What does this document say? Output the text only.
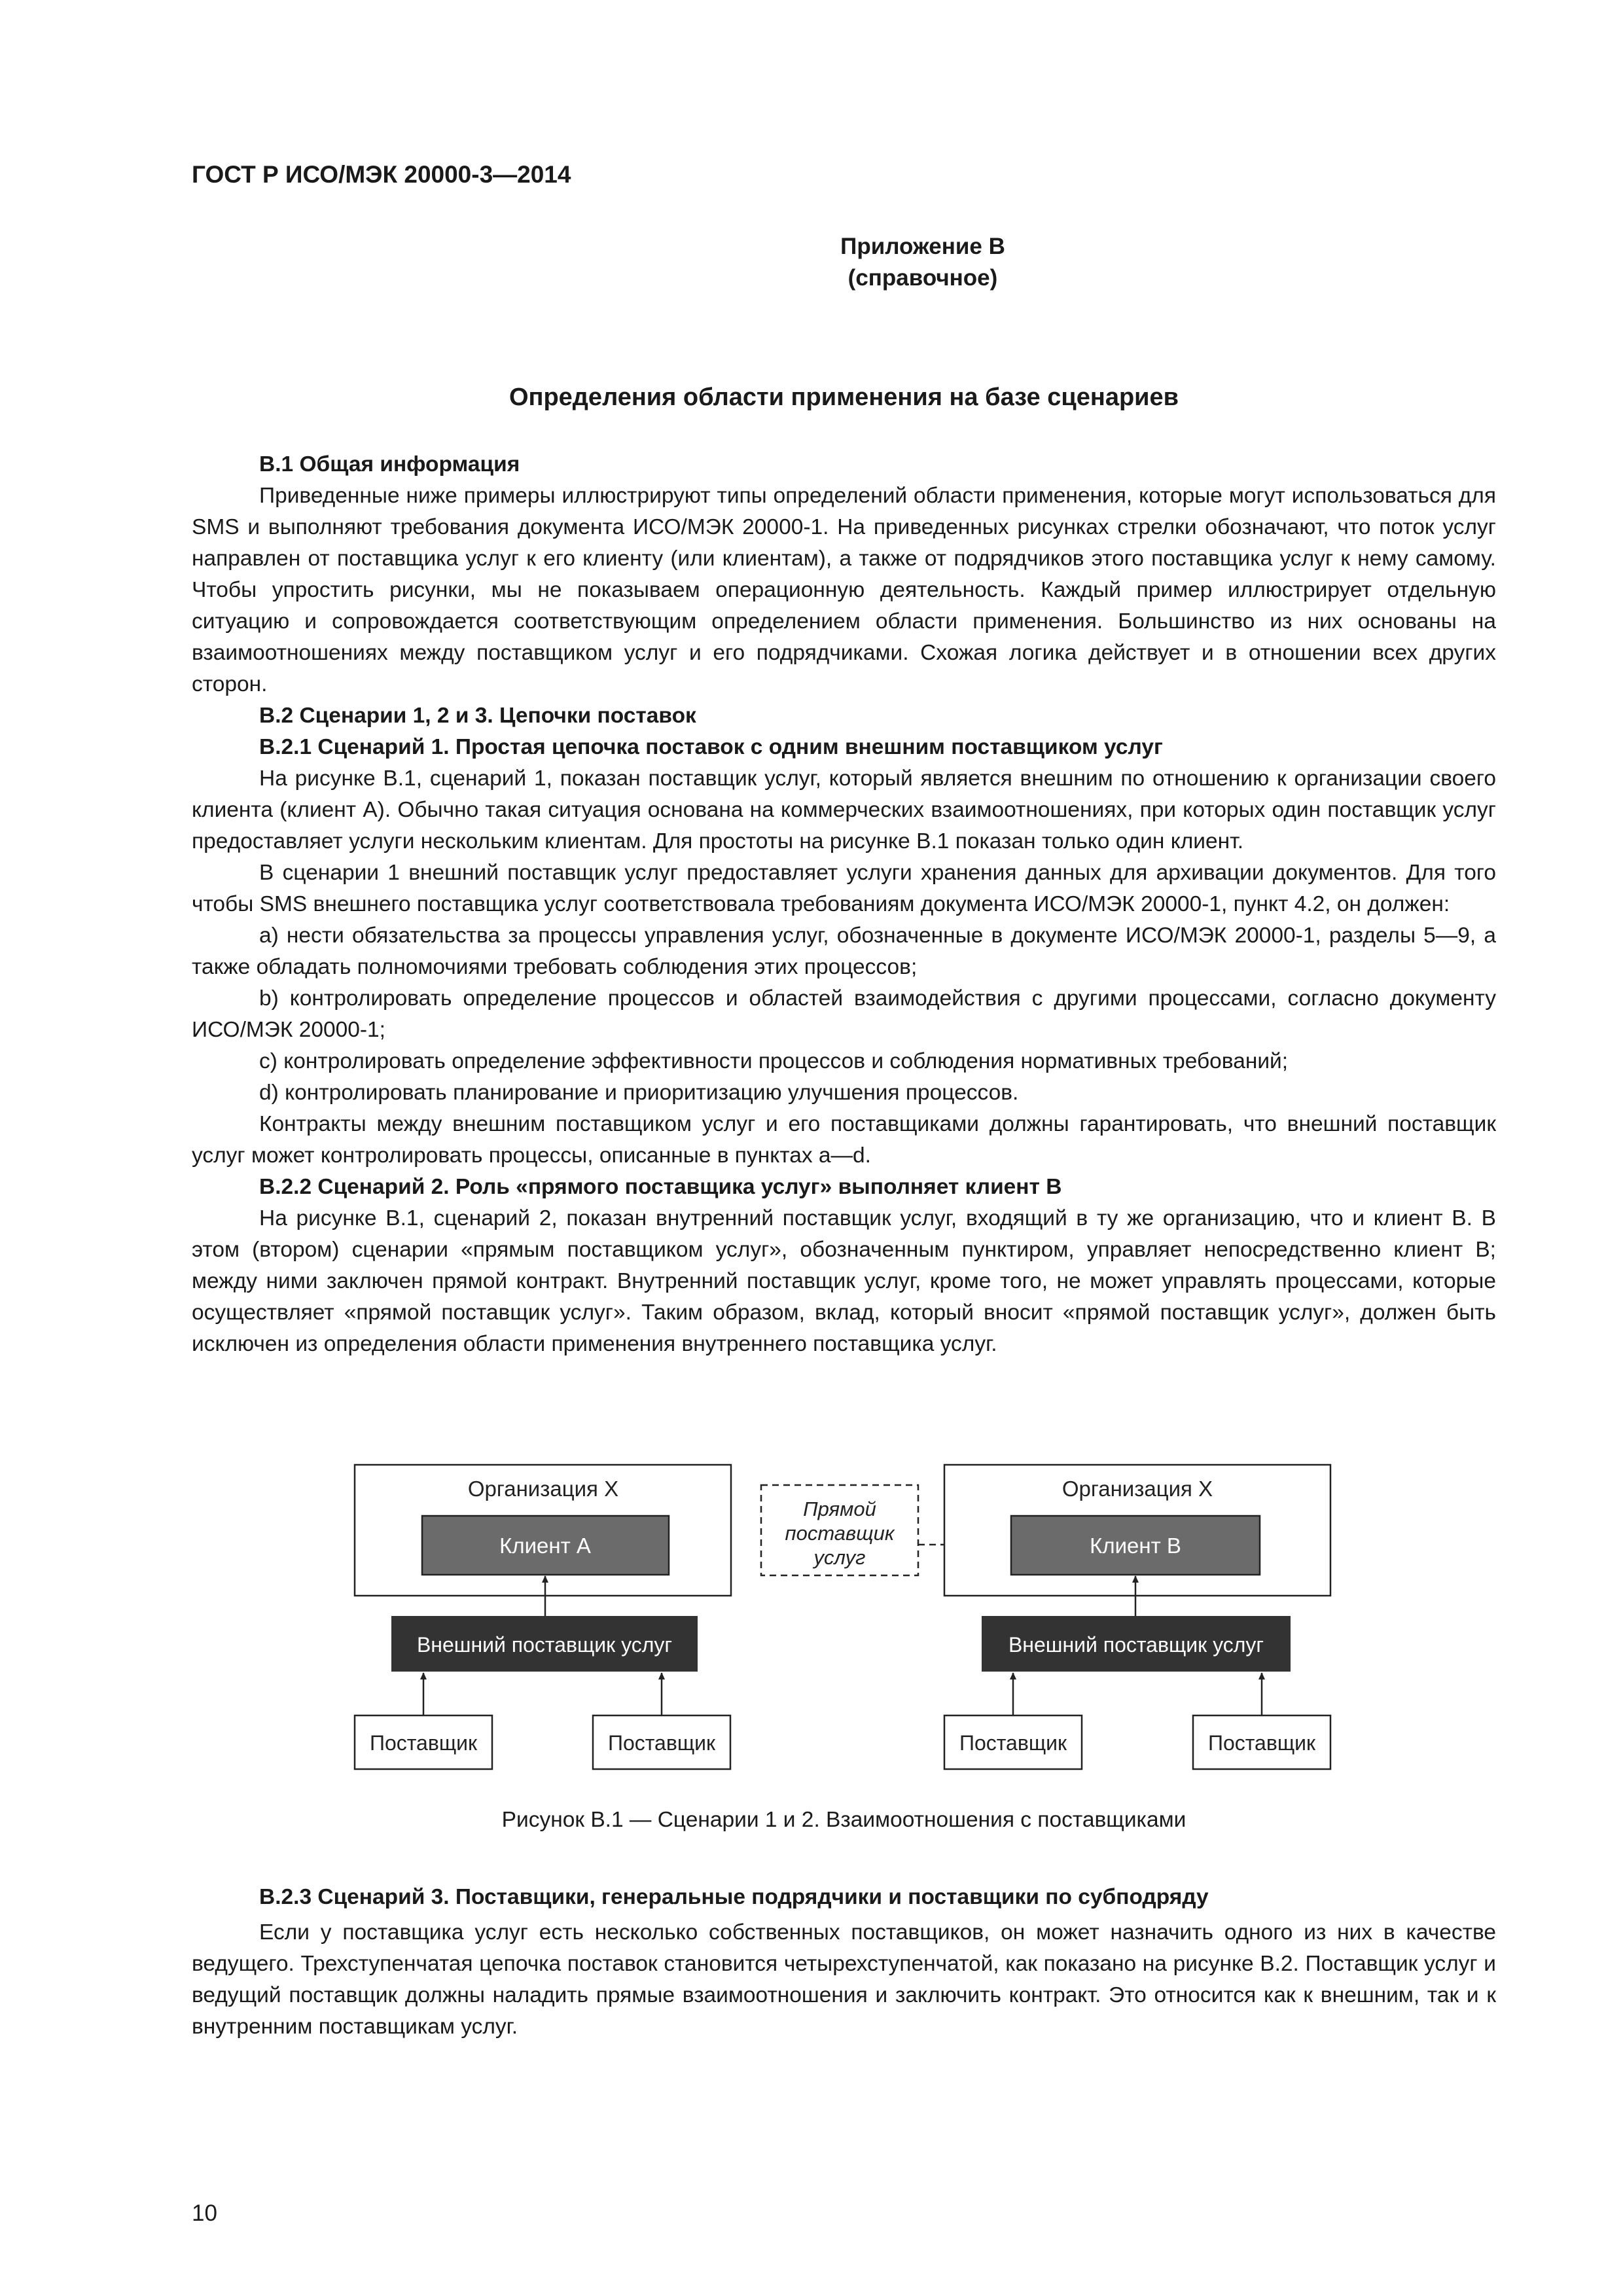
ГОСТ Р ИСО/МЭК 20000-3—2014
Приложение В
(справочное)
Определения области применения на базе сценариев

В.1 Общая информация

Приведенные ниже примеры иллюстрируют типы определений области применения, которые могут использоваться для SMS и выполняют требования документа ИСО/МЭК 20000-1. На приведенных рисунках стрелки обозначают, что поток услуг направлен от поставщика услуг к его клиенту (или клиентам), а также от подрядчиков этого поставщика услуг к нему самому. Чтобы упростить рисунки, мы не показываем операционную деятельность. Каждый пример иллюстрирует отдельную ситуацию и сопровождается соответствующим определением области применения. Большинство из них основаны на взаимоотношениях между поставщиком услуг и его подрядчиками. Схожая логика действует и в отношении всех других сторон.

В.2 Сценарии 1, 2 и 3. Цепочки поставок

В.2.1 Сценарий 1. Простая цепочка поставок с одним внешним поставщиком услуг

На рисунке В.1, сценарий 1, показан поставщик услуг, который является внешним по отношению к организации своего клиента (клиент А). Обычно такая ситуация основана на коммерческих взаимоотношениях, при которых один поставщик услуг предоставляет услуги нескольким клиентам. Для простоты на рисунке В.1 показан только один клиент.

В сценарии 1 внешний поставщик услуг предоставляет услуги хранения данных для архивации документов. Для того чтобы SMS внешнего поставщика услуг соответствовала требованиям документа ИСО/МЭК 20000-1, пункт 4.2, он должен:

а) нести обязательства за процессы управления услуг, обозначенные в документе ИСО/МЭК 20000-1, разделы 5—9, а также обладать полномочиями требовать соблюдения этих процессов;

b) контролировать определение процессов и областей взаимодействия с другими процессами, согласно документу ИСО/МЭК 20000-1;

c) контролировать определение эффективности процессов и соблюдения нормативных требований;

d) контролировать планирование и приоритизацию улучшения процессов.

Контракты между внешним поставщиком услуг и его поставщиками должны гарантировать, что внешний поставщик услуг может контролировать процессы, описанные в пунктах а—d.

В.2.2 Сценарий 2. Роль «прямого поставщика услуг» выполняет клиент В

На рисунке В.1, сценарий 2, показан внутренний поставщик услуг, входящий в ту же организацию, что и клиент В. В этом (втором) сценарии «прямым поставщиком услуг», обозначенным пунктиром, управляет непосредственно клиент В; между ними заключен прямой контракт. Внутренний поставщик услуг, кроме того, не может управлять процессами, которые осуществляет «прямой поставщик услуг». Таким образом, вклад, который вносит «прямой поставщик услуг», должен быть исключен из определения области применения внутреннего поставщика услуг.

Организация X
Клиент А
Внешний поставщик услуг
Поставщик	Поставщик
Прямой
поставщик
услуг
Организация X
Клиент В
Внешний поставщик услуг
Поставщик	Поставщик
Рисунок В.1 — Сценарии 1 и 2. Взаимоотношения с поставщиками

В.2.3 Сценарий 3. Поставщики, генеральные подрядчики и поставщики по субподряду

Если у поставщика услуг есть несколько собственных поставщиков, он может назначить одного из них в качестве ведущего. Трехступенчатая цепочка поставок становится четырехступенчатой, как показано на рисунке В.2. Поставщик услуг и ведущий поставщик должны наладить прямые взаимоотношения и заключить контракт. Это относится как к внешним, так и к внутренним поставщикам услуг.

10
